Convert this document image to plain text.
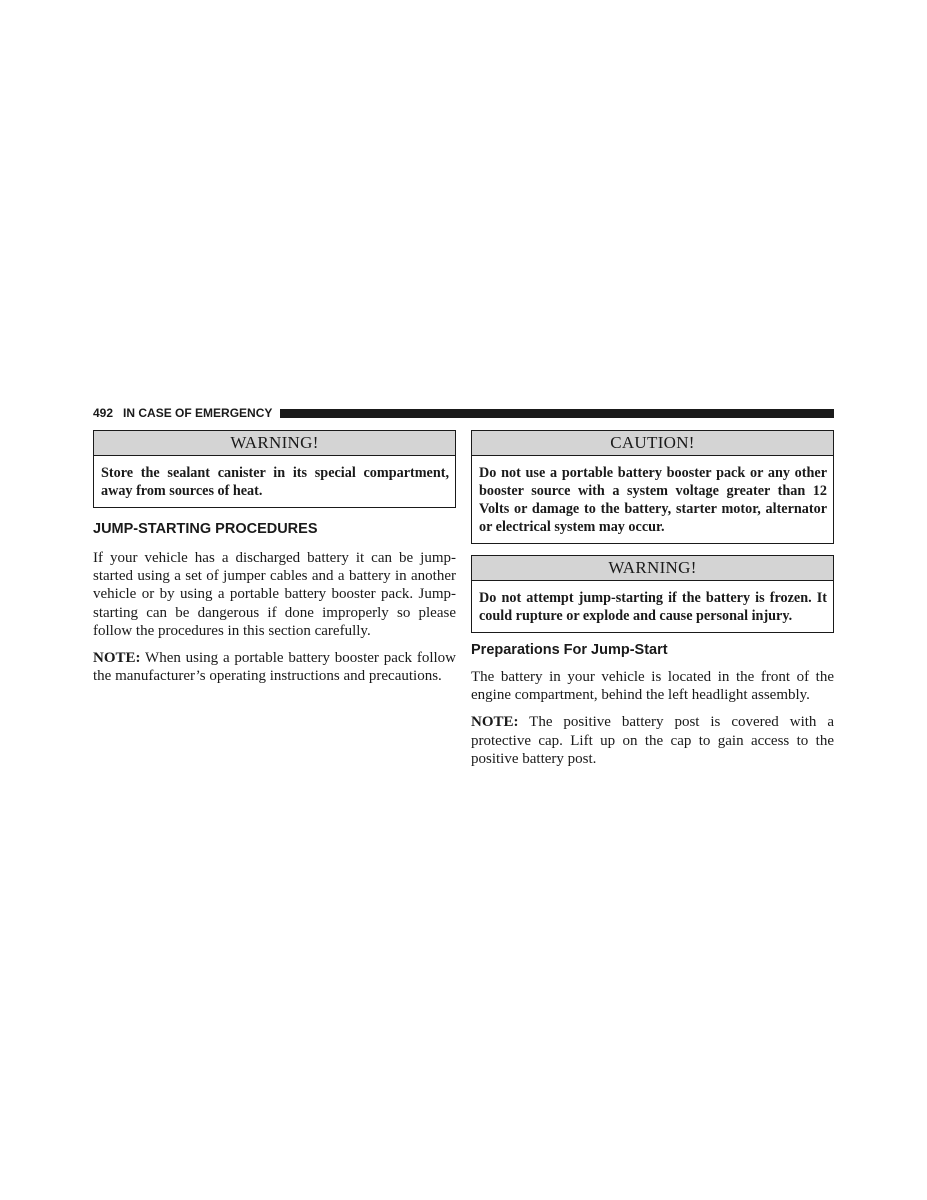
492 IN CASE OF EMERGENCY
WARNING!
Store the sealant canister in its special compartment, away from sources of heat.
JUMP-STARTING PROCEDURES

If your vehicle has a discharged battery it can be jump-started using a set of jumper cables and a battery in another vehicle or by using a portable battery booster pack. Jump-starting can be dangerous if done improperly so please follow the procedures in this section carefully.

NOTE: When using a portable battery booster pack follow the manufacturer’s operating instructions and precautions.

CAUTION!
Do not use a portable battery booster pack or any other booster source with a system voltage greater than 12 Volts or damage to the battery, starter motor, alternator or electrical system may occur.
WARNING!
Do not attempt jump-starting if the battery is frozen. It could rupture or explode and cause personal injury.
Preparations For Jump-Start

The battery in your vehicle is located in the front of the engine compartment, behind the left headlight assembly.

NOTE: The positive battery post is covered with a protective cap. Lift up on the cap to gain access to the positive battery post.
